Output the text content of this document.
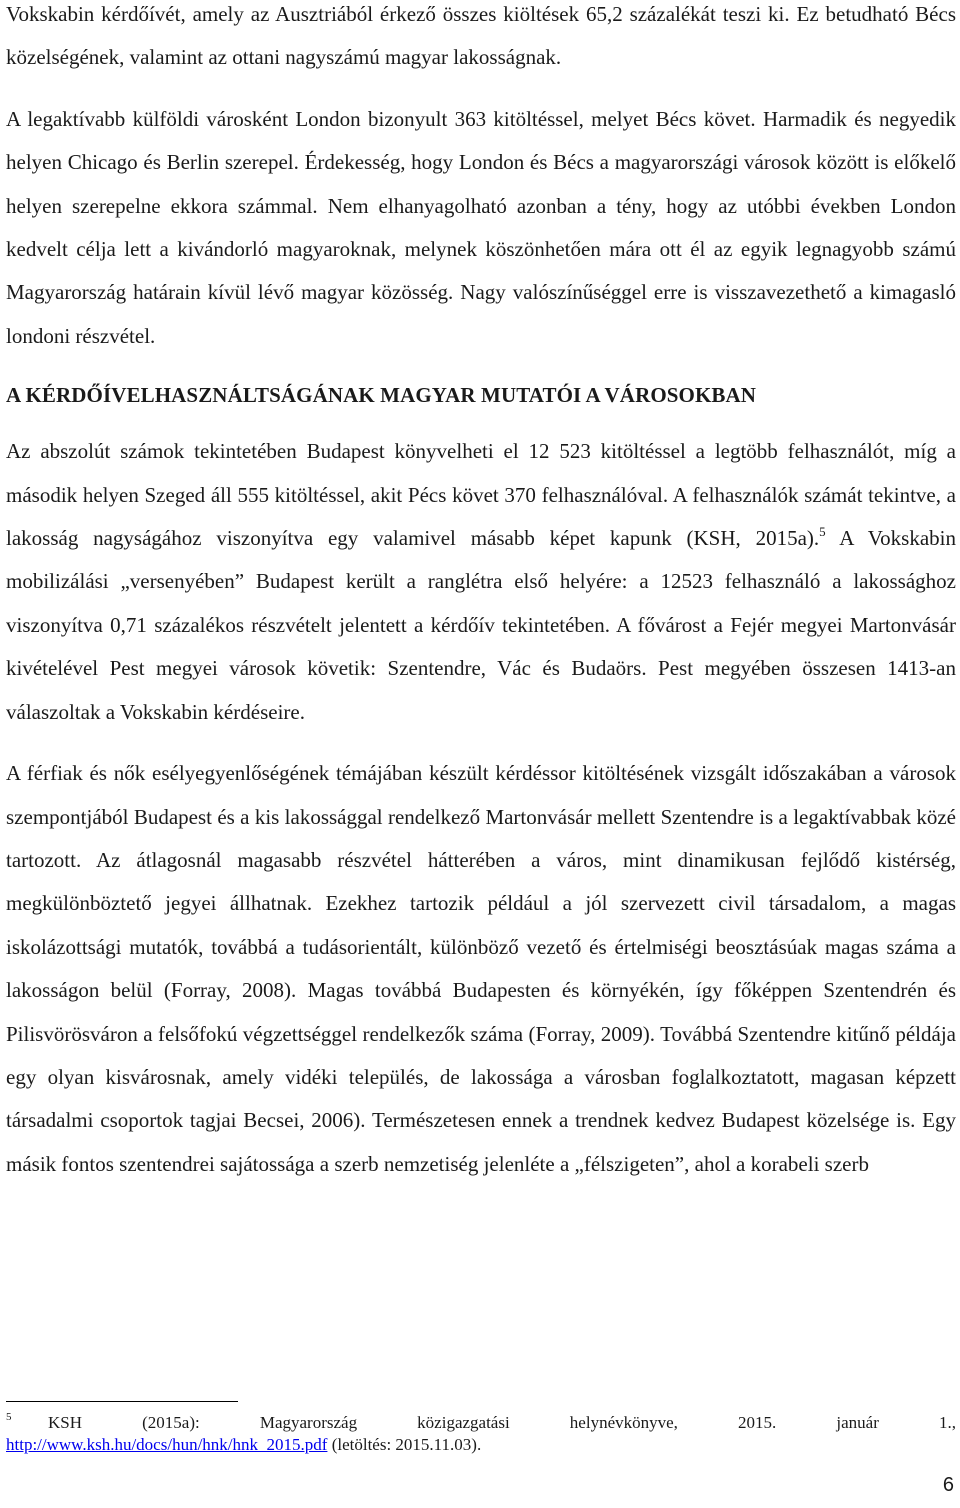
Vokskabin kérdőívét, amely az Ausztriából érkező összes kiöltések 65,2 százalékát teszi ki. Ez betudható Bécs közelségének, valamint az ottani nagyszámú magyar lakosságnak.

A legaktívabb külföldi városként London bizonyult 363 kitöltéssel, melyet Bécs követ. Harmadik és negyedik helyen Chicago és Berlin szerepel. Érdekesség, hogy London és Bécs a magyarországi városok között is előkelő helyen szerepelne ekkora számmal. Nem elhanyagolható azonban a tény, hogy az utóbbi években London kedvelt célja lett a kivándorló magyaroknak, melynek köszönhetően mára ott él az egyik legnagyobb számú Magyarország határain kívül lévő magyar közösség. Nagy valószínűséggel erre is visszavezethető a kimagasló londoni részvétel.

A KÉRDŐÍVELHASZNÁLTSÁGÁNAK MAGYAR MUTATÓI A VÁROSOKBAN

Az abszolút számok tekintetében Budapest könyvelheti el 12 523 kitöltéssel a legtöbb felhasználót, míg a második helyen Szeged áll 555 kitöltéssel, akit Pécs követ 370 felhasználóval. A felhasználók számát tekintve, a lakosság nagyságához viszonyítva egy valamivel másabb képet kapunk (KSH, 2015a).$^5$ A Vokskabin mobilizálási „versenyében” Budapest került a ranglétra első helyére: a 12523 felhasználó a lakossághoz viszonyítva 0,71 százalékos részvételt jelentett a kérdőív tekintetében. A fővárost a Fejér megyei Martonvásár kivételével Pest megyei városok követik: Szentendre, Vác és Budaörs. Pest megyében összesen 1413-an válaszoltak a Vokskabin kérdéseire.

A férfiak és nők esélyegyenlőségének témájában készült kérdéssor kitöltésének vizsgált időszakában a városok szempontjából Budapest és a kis lakossággal rendelkező Martonvásár mellett Szentendre is a legaktívabbak közé tartozott. Az átlagosnál magasabb részvétel hátterében a város, mint dinamikusan fejlődő kistérség, megkülönböztető jegyei állhatnak. Ezekhez tartozik például a jól szervezett civil társadalom, a magas iskolázottsági mutatók, továbbá a tudásorientált, különböző vezető és értelmiségi beosztásúak magas száma a lakosságon belül (Forray, 2008). Magas továbbá Budapesten és környékén, így főképpen Szentendrén és Pilisvörösváron a felsőfokú végzettséggel rendelkezők száma (Forray, 2009). Továbbá Szentendre kitűnő példája egy olyan kisvárosnak, amely vidéki település, de lakossága a városban foglalkoztatott, magasan képzett társadalmi csoportok tagjai Becsei, 2006). Természetesen ennek a trendnek kedvez Budapest közelsége is. Egy másik fontos szentendrei sajátossága a szerb nemzetiség jelenléte a „félszigeten”, ahol a korabeli szerb

5 KSH (2015a): Magyarország közigazgatási helynévkönyve, 2015. január 1.,
http://www.ksh.hu/docs/hun/hnk/hnk_2015.pdf (letöltés: 2015.11.03).
6
